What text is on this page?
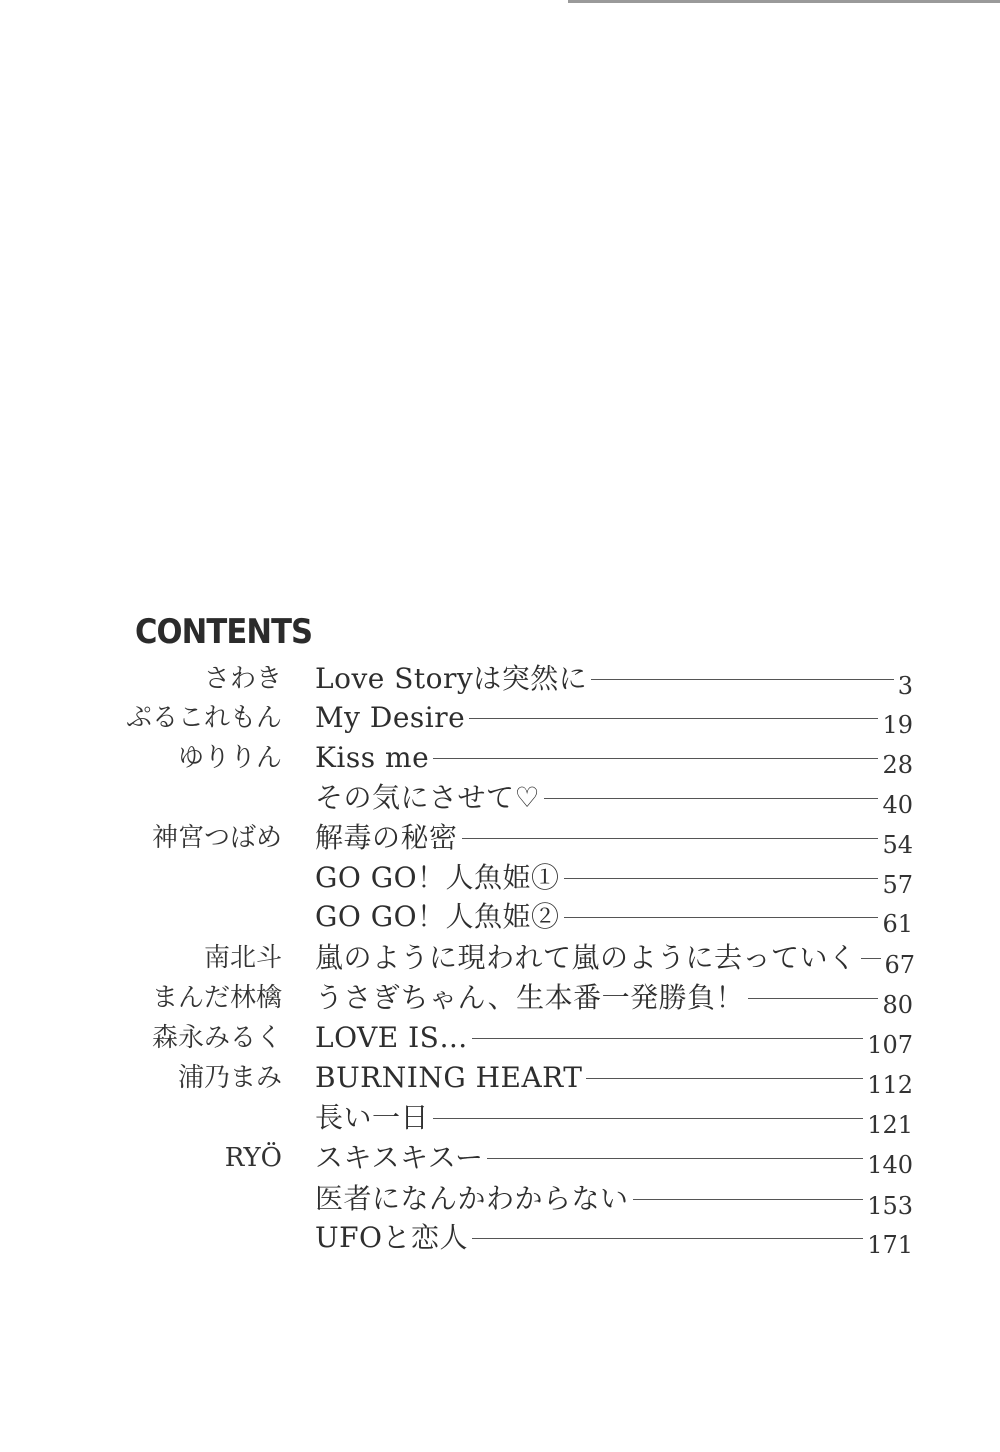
CONTENTS
さわき Love Storyは突然に	3
ぷるこれもん My Desire	19
ゆりりん Kiss me	28
その気にさせて♡	40
神宮つばめ 解毒の秘密	54
GO GO！人魚姫①	57
GO GO！人魚姫②	61
南北斗 嵐のように現われて嵐のように去っていく 67
まんだ林檎 うさぎちゃん、生本番一発勝負！	80
森永みるく LOVE IS…	107
浦乃まみ BURNING HEART	112
長い一日	121
RYÖ スキスキスー	140
医者になんかわからない	153
UFOと恋人	171
